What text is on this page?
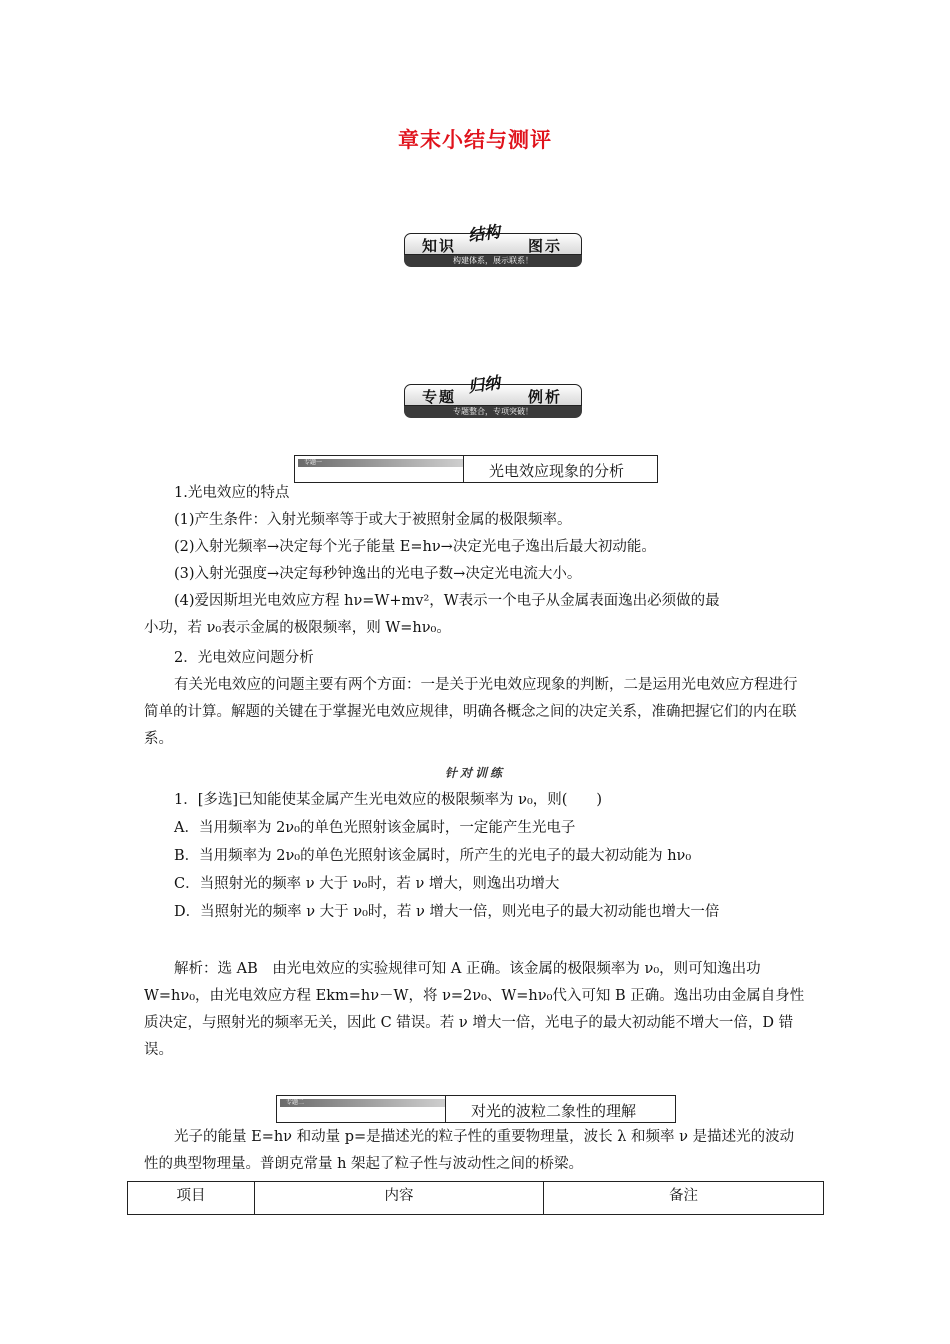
章末小结与测评
知识
结构
图示
构建体系，展示联系！
专题
归纳
例析
专题整合，专项突破！
专题一	光电效应现象的分析
1.光电效应的特点
(1)产生条件：入射光频率等于或大于被照射金属的极限频率。
(2)入射光频率→决定每个光子能量 E=hν→决定光电子逸出后最大初动能。
(3)入射光强度→决定每秒钟逸出的光电子数→决定光电流大小。
(4)爱因斯坦光电效应方程 hν=W+mv²，W表示一个电子从金属表面逸出必须做的最
小功，若 ν₀表示金属的极限频率，则 W=hν₀。
2．光电效应问题分析
有关光电效应的问题主要有两个方面：一是关于光电效应现象的判断，二是运用光电效应方程进行简单的计算。解题的关键在于掌握光电效应规律，明确各概念之间的决定关系，准确把握它们的内在联系。
针对训练
1．[多选]已知能使某金属产生光电效应的极限频率为 ν₀，则(　　)
A．当用频率为 2ν₀的单色光照射该金属时，一定能产生光电子
B．当用频率为 2ν₀的单色光照射该金属时，所产生的光电子的最大初动能为 hν₀
C．当照射光的频率 ν 大于 ν₀时，若 ν 增大，则逸出功增大
D．当照射光的频率 ν 大于 ν₀时，若 ν 增大一倍，则光电子的最大初动能也增大一倍
解析：选 AB　由光电效应的实验规律可知 A 正确。该金属的极限频率为 ν₀，则可知逸出功 W=hν₀，由光电效应方程 Ekm=hν－W，将 ν=2ν₀、W=hν₀代入可知 B 正确。逸出功由金属自身性质决定，与照射光的频率无关，因此 C 错误。若 ν 增大一倍，光电子的最大初动能不增大一倍，D 错误。
专题二	对光的波粒二象性的理解
光子的能量 E=hν 和动量 p=是描述光的粒子性的重要物理量，波长 λ 和频率 ν 是描述光的波动性的典型物理量。普朗克常量 h 架起了粒子性与波动性之间的桥梁。
项目	内容	备注
